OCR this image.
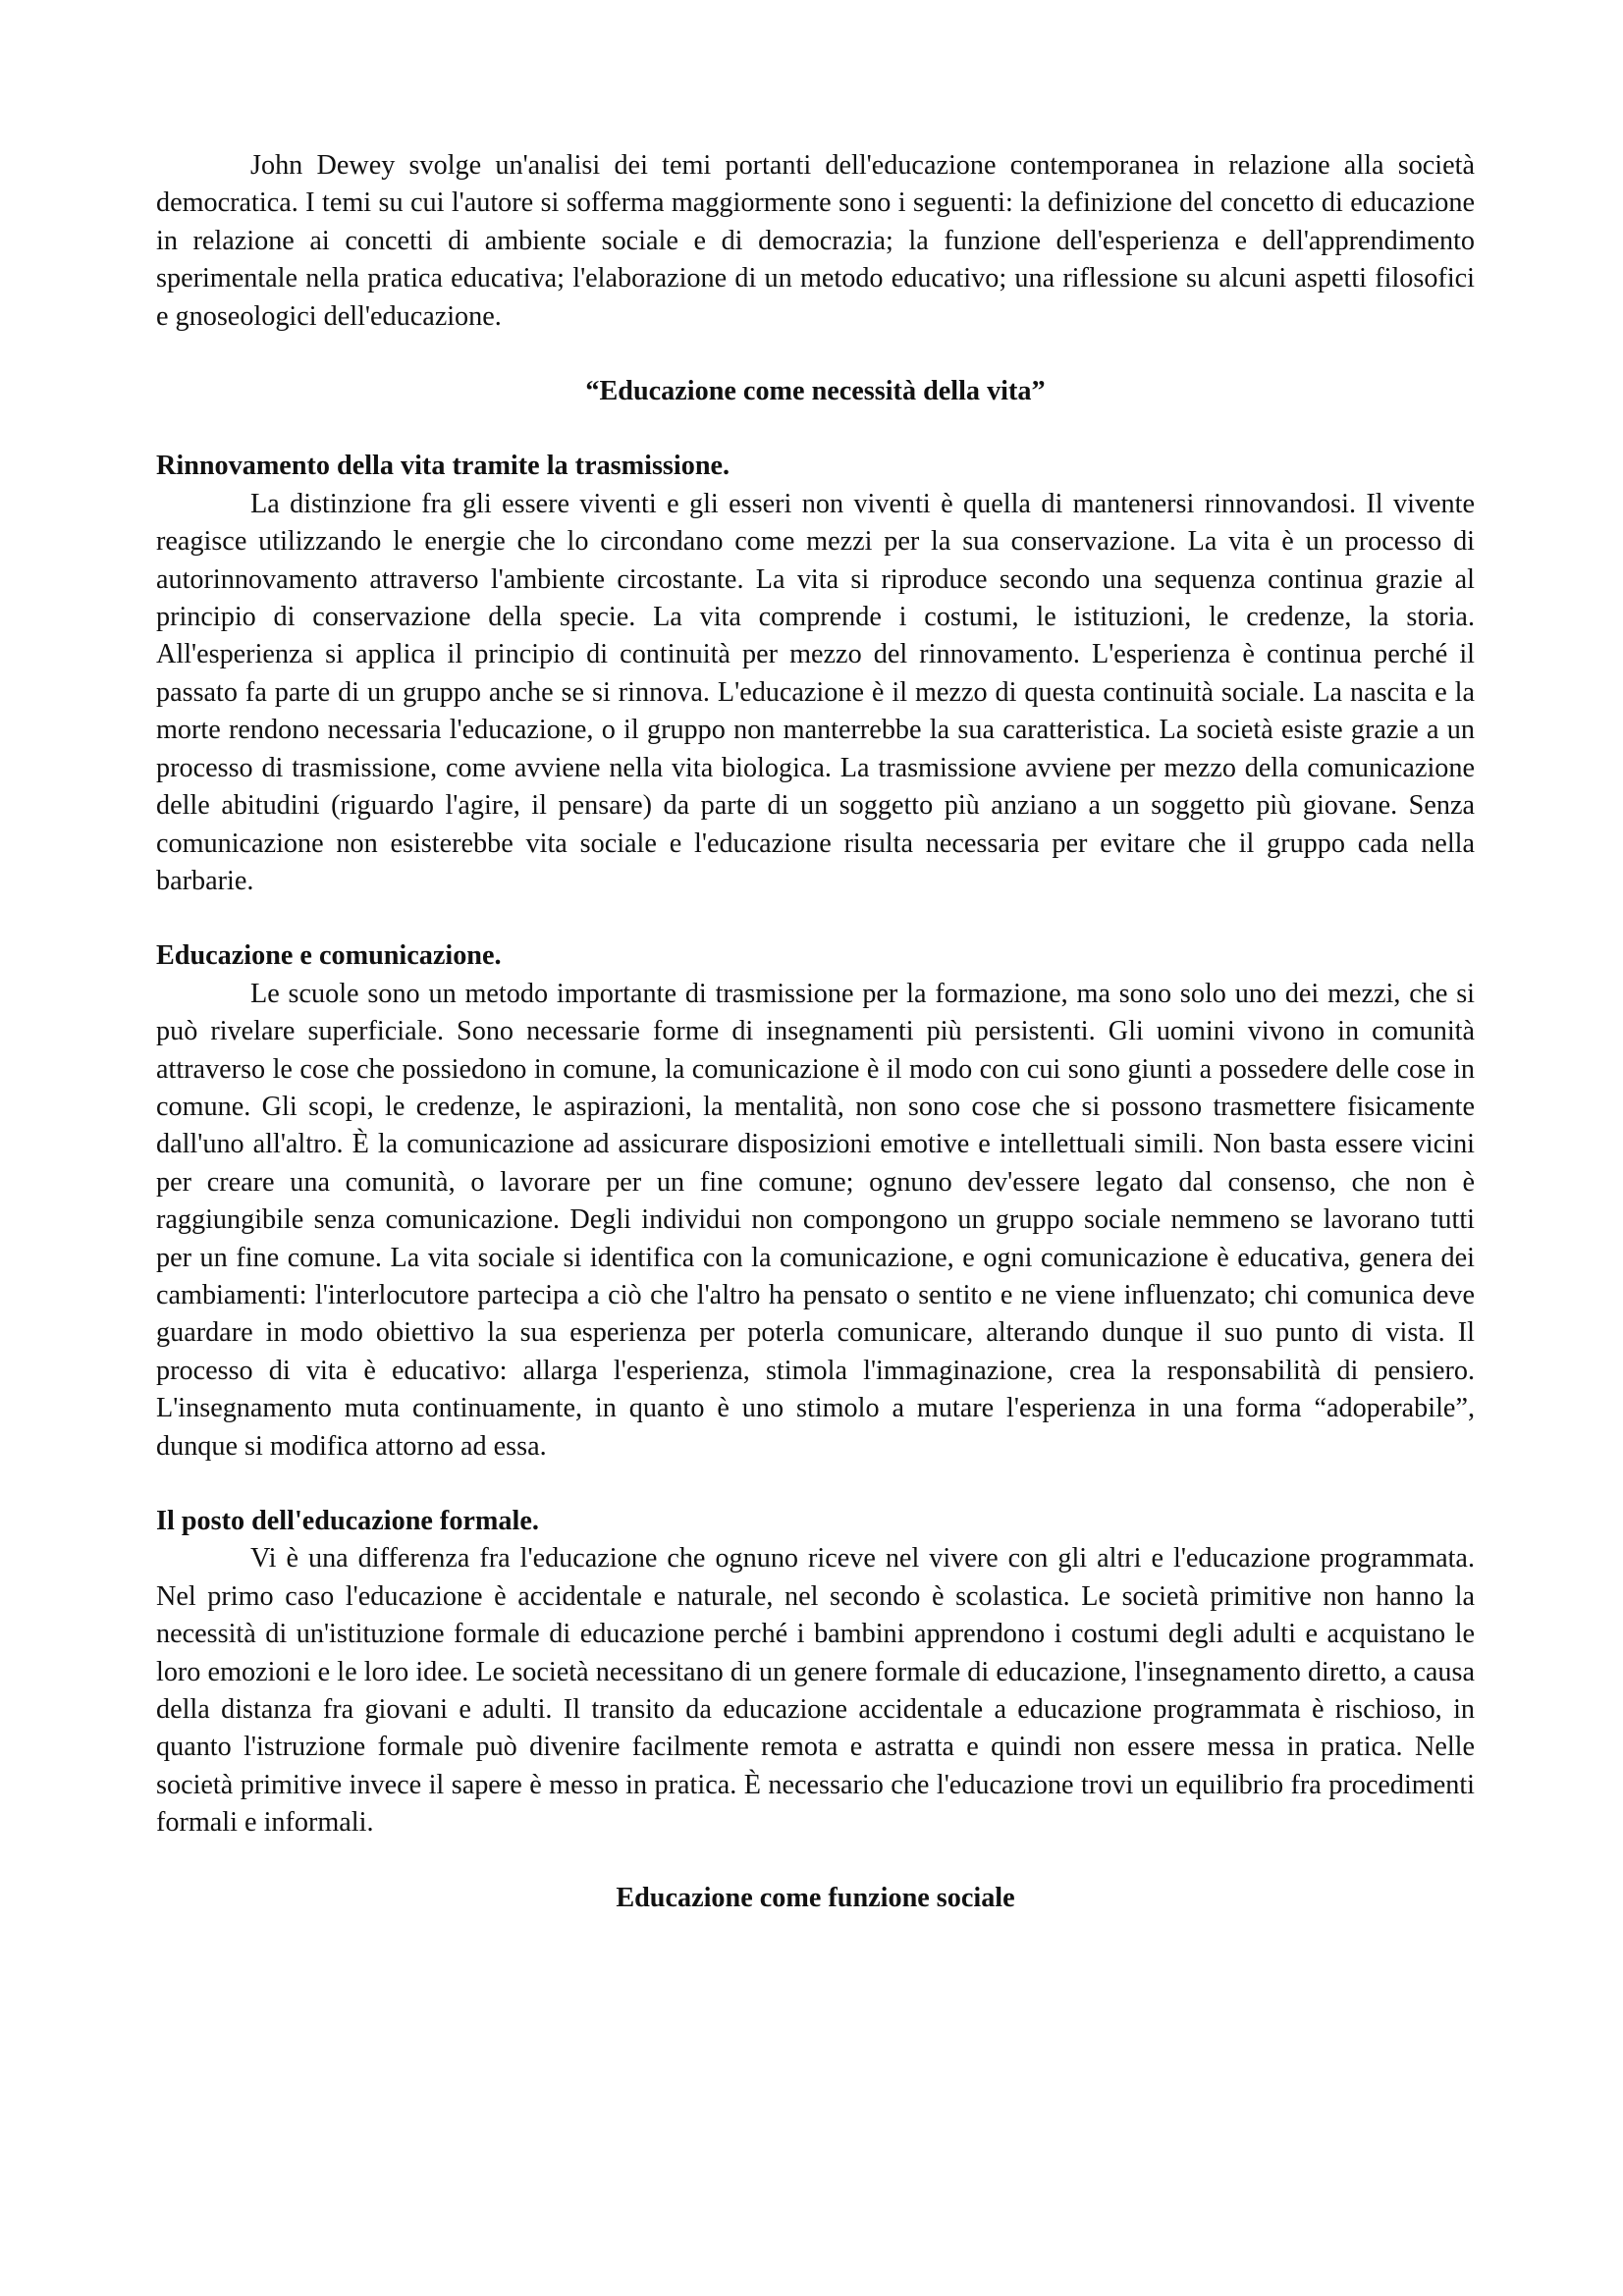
John Dewey svolge un'analisi dei temi portanti dell'educazione contemporanea in relazione alla società democratica. I temi su cui l'autore si sofferma maggiormente sono i seguenti: la definizione del concetto di educazione in relazione ai concetti di ambiente sociale e di democrazia; la funzione dell'esperienza e dell'apprendimento sperimentale nella pratica educativa; l'elaborazione di un metodo educativo; una riflessione su alcuni aspetti filosofici e gnoseologici dell'educazione.

“Educazione come necessità della vita”
Rinnovamento della vita tramite la trasmissione.

La distinzione fra gli essere viventi e gli esseri non viventi è quella di mantenersi rinnovandosi. Il vivente reagisce utilizzando le energie che lo circondano come mezzi per la sua conservazione. La vita è un processo di autorinnovamento attraverso l'ambiente circostante. La vita si riproduce secondo una sequenza continua grazie al principio di conservazione della specie. La vita comprende i costumi, le istituzioni, le credenze, la storia. All'esperienza si applica il principio di continuità per mezzo del rinnovamento. L'esperienza è continua perché il passato fa parte di un gruppo anche se si rinnova. L'educazione è il mezzo di questa continuità sociale. La nascita e la morte rendono necessaria l'educazione, o il gruppo non manterrebbe la sua caratteristica. La società esiste grazie a un processo di trasmissione, come avviene nella vita biologica. La trasmissione avviene per mezzo della comunicazione delle abitudini (riguardo l'agire, il pensare) da parte di un soggetto più anziano a un soggetto più giovane. Senza comunicazione non esisterebbe vita sociale e l'educazione risulta necessaria per evitare che il gruppo cada nella barbarie.

Educazione e comunicazione.

Le scuole sono un metodo importante di trasmissione per la formazione, ma sono solo uno dei mezzi, che si può rivelare superficiale. Sono necessarie forme di insegnamenti più persistenti. Gli uomini vivono in comunità attraverso le cose che possiedono in comune, la comunicazione è il modo con cui sono giunti a possedere delle cose in comune. Gli scopi, le credenze, le aspirazioni, la mentalità, non sono cose che si possono trasmettere fisicamente dall'uno all'altro. È la comunicazione ad assicurare disposizioni emotive e intellettuali simili. Non basta essere vicini per creare una comunità, o lavorare per un fine comune; ognuno dev'essere legato dal consenso, che non è raggiungibile senza comunicazione. Degli individui non compongono un gruppo sociale nemmeno se lavorano tutti per un fine comune. La vita sociale si identifica con la comunicazione, e ogni comunicazione è educativa, genera dei cambiamenti: l'interlocutore partecipa a ciò che l'altro ha pensato o sentito e ne viene influenzato; chi comunica deve guardare in modo obiettivo la sua esperienza per poterla comunicare, alterando dunque il suo punto di vista. Il processo di vita è educativo: allarga l'esperienza, stimola l'immaginazione, crea la responsabilità di pensiero. L'insegnamento muta continuamente, in quanto è uno stimolo a mutare l'esperienza in una forma “adoperabile”, dunque si modifica attorno ad essa.

Il posto dell'educazione formale.

Vi è una differenza fra l'educazione che ognuno riceve nel vivere con gli altri e l'educazione programmata. Nel primo caso l'educazione è accidentale e naturale, nel secondo è scolastica. Le società primitive non hanno la necessità di un'istituzione formale di educazione perché i bambini apprendono i costumi degli adulti e acquistano le loro emozioni e le loro idee. Le società necessitano di un genere formale di educazione, l'insegnamento diretto, a causa della distanza fra giovani e adulti. Il transito da educazione accidentale a educazione programmata è rischioso, in quanto l'istruzione formale può divenire facilmente remota e astratta e quindi non essere messa in pratica. Nelle società primitive invece il sapere è messo in pratica. È necessario che l'educazione trovi un equilibrio fra procedimenti formali e informali.

Educazione come funzione sociale
